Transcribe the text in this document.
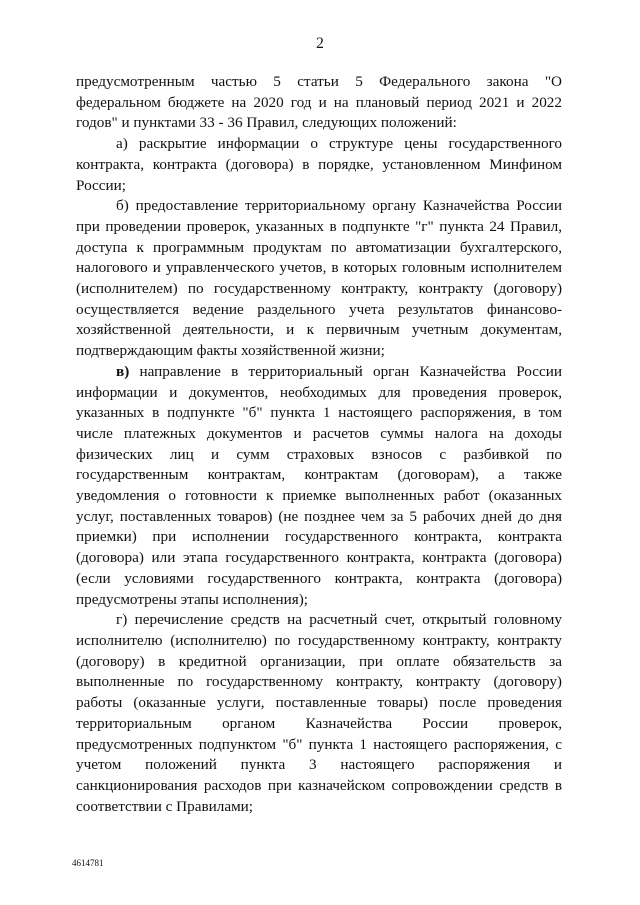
2

предусмотренным частью 5 статьи 5 Федерального закона "О федеральном бюджете на 2020 год и на плановый период 2021 и 2022 годов" и пунктами 33 - 36 Правил, следующих положений:

а) раскрытие информации о структуре цены государственного контракта, контракта (договора) в порядке, установленном Минфином России;

б) предоставление территориальному органу Казначейства России при проведении проверок, указанных в подпункте "г" пункта 24 Правил, доступа к программным продуктам по автоматизации бухгалтерского, налогового и управленческого учетов, в которых головным исполнителем (исполнителем) по государственному контракту, контракту (договору) осуществляется ведение раздельного учета результатов финансово-хозяйственной деятельности, и к первичным учетным документам, подтверждающим факты хозяйственной жизни;

в) направление в территориальный орган Казначейства России информации и документов, необходимых для проведения проверок, указанных в подпункте "б" пункта 1 настоящего распоряжения, в том числе платежных документов и расчетов суммы налога на доходы физических лиц и сумм страховых взносов с разбивкой по государственным контрактам, контрактам (договорам), а также уведомления о готовности к приемке выполненных работ (оказанных услуг, поставленных товаров) (не позднее чем за 5 рабочих дней до дня приемки) при исполнении государственного контракта, контракта (договора) или этапа государственного контракта, контракта (договора) (если условиями государственного контракта, контракта (договора) предусмотрены этапы исполнения);

г) перечисление средств на расчетный счет, открытый головному исполнителю (исполнителю) по государственному контракту, контракту (договору) в кредитной организации, при оплате обязательств за выполненные по государственному контракту, контракту (договору) работы (оказанные услуги, поставленные товары) после проведения территориальным органом Казначейства России проверок, предусмотренных подпунктом "б" пункта 1 настоящего распоряжения, с учетом положений пункта 3 настоящего распоряжения и санкционирования расходов при казначейском сопровождении средств в соответствии с Правилами;

4614781
